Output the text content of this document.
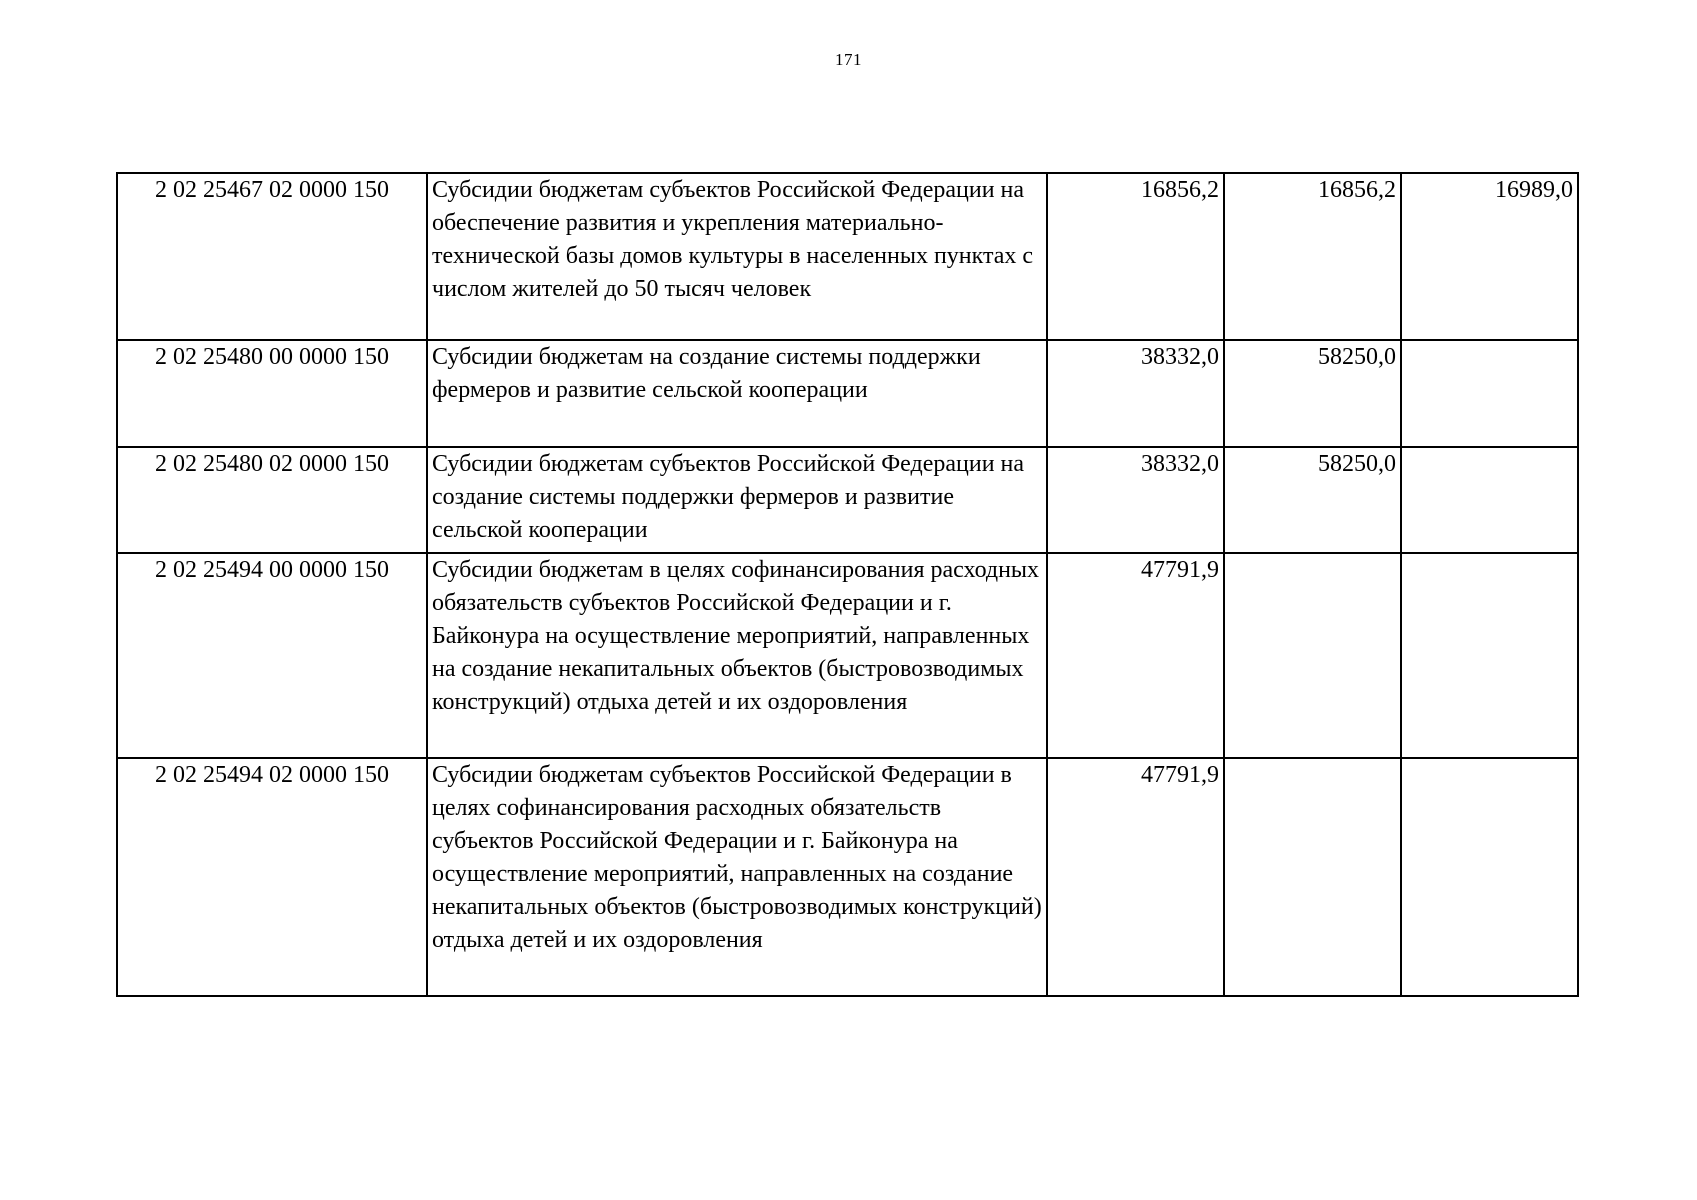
171
2 02 25467 02 0000 150	Субсидии бюджетам субъектов Российской Федерации на обеспечение развития и укрепления материально-технической базы домов культуры в населенных пунктах с числом жителей до 50 тысяч человек	16856,2	16856,2	16989,0
2 02 25480 00 0000 150	Субсидии бюджетам на создание системы поддержки фермеров и развитие сельской кооперации	38332,0	58250,0	
2 02 25480 02 0000 150	Субсидии бюджетам субъектов Российской Федерации на создание системы поддержки фермеров и развитие сельской кооперации	38332,0	58250,0	
2 02 25494 00 0000 150	Субсидии бюджетам в целях софинансирования расходных обязательств субъектов Российской Федерации и г. Байконура на осуществление мероприятий, направленных на создание некапитальных объектов (быстровозводимых конструкций) отдыха детей и их оздоровления	47791,9		
2 02 25494 02 0000 150	Субсидии бюджетам субъектов Российской Федерации в целях софинансирования расходных обязательств субъектов Российской Федерации и г. Байконура на осуществление мероприятий, направленных на создание некапитальных объектов (быстровозводимых конструкций) отдыха детей и их оздоровления	47791,9		
